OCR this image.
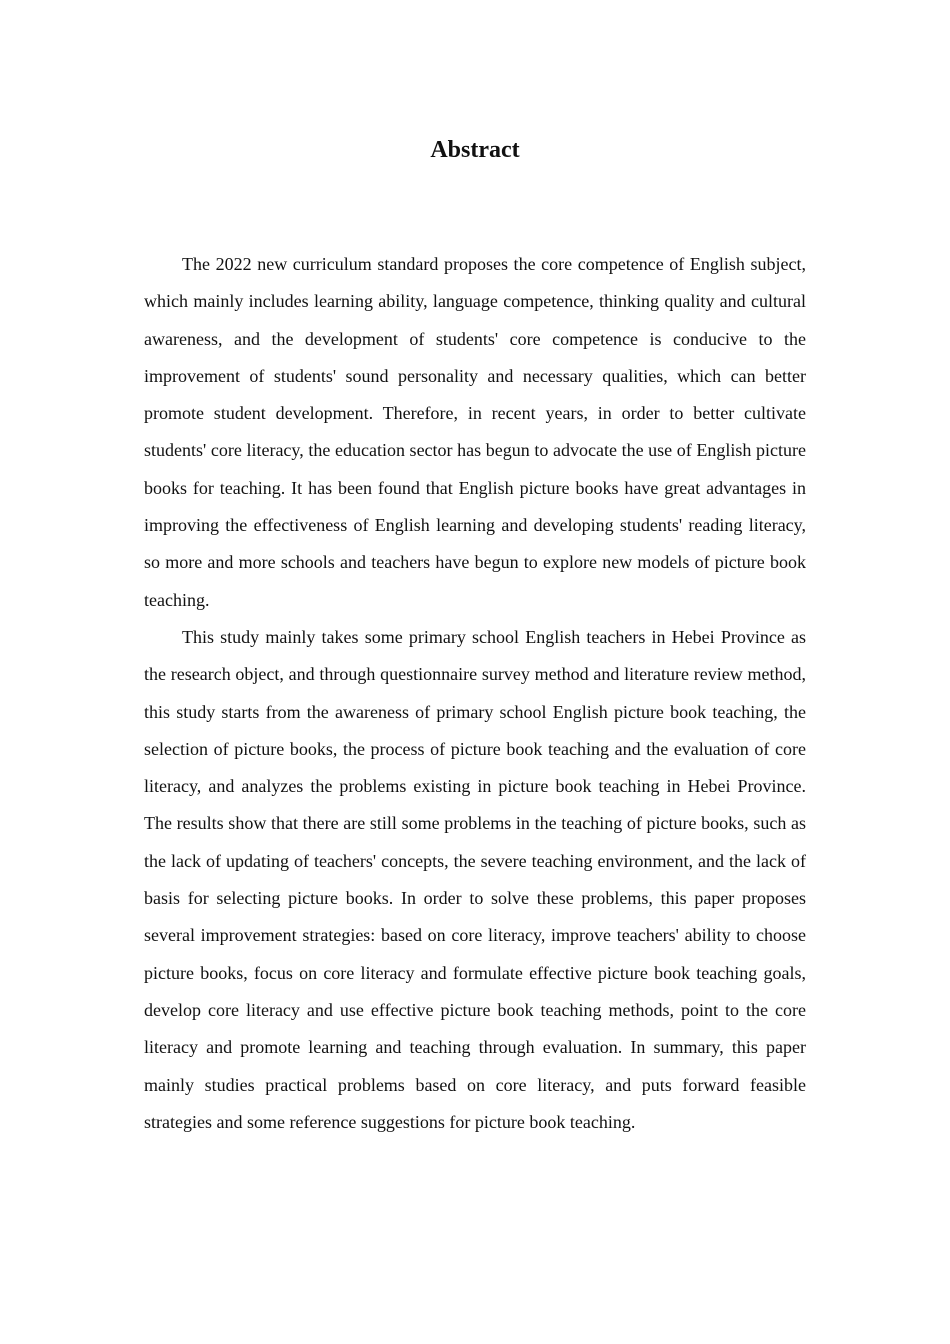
Abstract

The 2022 new curriculum standard proposes the core competence of English subject, which mainly includes learning ability, language competence, thinking quality and cultural awareness, and the development of students' core competence is conducive to the improvement of students' sound personality and necessary qualities, which can better promote student development. Therefore, in recent years, in order to better cultivate students' core literacy, the education sector has begun to advocate the use of English picture books for teaching. It has been found that English picture books have great advantages in improving the effectiveness of English learning and developing students' reading literacy, so more and more schools and teachers have begun to explore new models of picture book teaching.

This study mainly takes some primary school English teachers in Hebei Province as the research object, and through questionnaire survey method and literature review method, this study starts from the awareness of primary school English picture book teaching, the selection of picture books, the process of picture book teaching and the evaluation of core literacy, and analyzes the problems existing in picture book teaching in Hebei Province. The results show that there are still some problems in the teaching of picture books, such as the lack of updating of teachers' concepts, the severe teaching environment, and the lack of basis for selecting picture books. In order to solve these problems, this paper proposes several improvement strategies: based on core literacy, improve teachers' ability to choose picture books, focus on core literacy and formulate effective picture book teaching goals, develop core literacy and use effective picture book teaching methods, point to the core literacy and promote learning and teaching through evaluation. In summary, this paper mainly studies practical problems based on core literacy, and puts forward feasible strategies and some reference suggestions for picture book teaching.
